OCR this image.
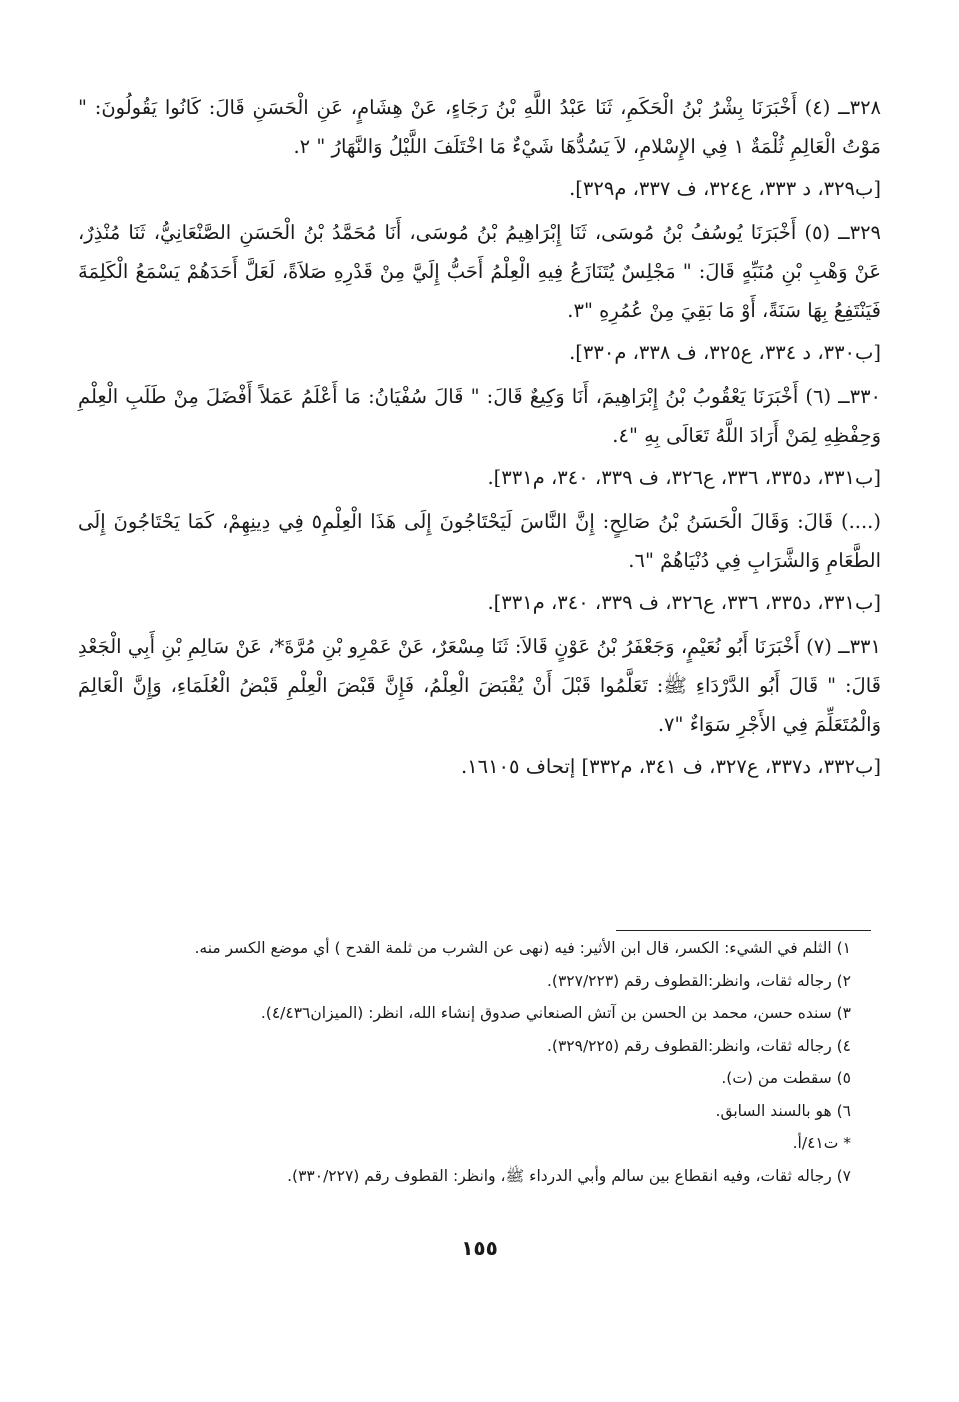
٣٢٨ــ (٤) أَخْبَرَنَا بِشْرُ بْنُ الْحَكَمِ، ثَنَا عَبْدُ اللَّهِ بْنُ رَجَاءٍ، عَنْ هِشَامٍ، عَنِ الْحَسَنِ قَالَ: كَانُوا يَقُولُونَ: " مَوْتُ الْعَالِمِ ثُلْمَةٌ ١ فِي الإِسْلامِ، لاَ يَسُدُّهَا شَيْءٌ مَا اخْتَلَفَ اللَّيْلُ وَالنَّهَارُ " ٢.

[ب٣٢٩، د ٣٣٣، ع٣٢٤، ف ٣٣٧، م٣٢٩].

٣٢٩ــ (٥) أَخْبَرَنَا يُوسُفُ بْنُ مُوسَى، ثَنَا إِبْرَاهِيمُ بْنُ مُوسَى، أَنَا مُحَمَّدُ بْنُ الْحَسَنِ الصَّنْعَانِيُّ، ثَنَا مُنْذِرٌ، عَنْ وَهْبِ بْنِ مُنَبِّهٍ قَالَ: " مَجْلِسٌ يُتَنَازَعُ فِيهِ الْعِلْمُ أَحَبُّ إِلَيَّ مِنْ قَدْرِهِ صَلاَةً، لَعَلَّ أَحَدَهُمْ يَسْمَعُ الْكَلِمَةَ فَيَنْتَفِعُ بِهَا سَنَةً، أَوْ مَا بَقِيَ مِنْ عُمُرِهِ "٣.

[ب٣٣٠، د ٣٣٤، ع٣٢٥، ف ٣٣٨، م٣٣٠].

٣٣٠ــ (٦) أَخْبَرَنَا يَعْقُوبُ بْنُ إِبْرَاهِيمَ، أَنَا وَكِيعٌ قَالَ: " قَالَ سُفْيَانُ: مَا أَعْلَمُ عَمَلاً أَفْضَلَ مِنْ طَلَبِ الْعِلْمِ وَحِفْظِهِ لِمَنْ أَرَادَ اللَّهُ تَعَالَى بِهِ "٤.

[ب٣٣١، د٣٣٥، ٣٣٦، ع٣٢٦، ف ٣٣٩، ٣٤٠، م٣٣١].

(....) قَالَ: وَقَالَ الْحَسَنُ بْنُ صَالِحٍ: إِنَّ النَّاسَ لَيَحْتَاجُونَ إِلَى هَذَا الْعِلْمِ٥ فِي دِينِهِمْ، كَمَا يَحْتَاجُونَ إِلَى الطَّعَامِ وَالشَّرَابِ فِي دُنْيَاهُمْ "٦.

[ب٣٣١، د٣٣٥، ٣٣٦، ع٣٢٦، ف ٣٣٩، ٣٤٠، م٣٣١].

٣٣١ــ (٧) أَخْبَرَنَا أَبُو نُعَيْمٍ، وَجَعْفَرُ بْنُ عَوْنٍ قَالاَ: ثَنَا مِسْعَرٌ، عَنْ عَمْرِو بْنِ مُرَّةَ*، عَنْ سَالِمِ بْنِ أَبِي الْجَعْدِ قَالَ: " قَالَ أَبُو الدَّرْدَاءِ ﷺ: تَعَلَّمُوا قَبْلَ أَنْ يُقْبَضَ الْعِلْمُ، فَإِنَّ قَبْضَ الْعِلْمِ قَبْضُ الْعُلَمَاءِ، وَإِنَّ الْعَالِمَ وَالْمُتَعَلِّمَ فِي الأَجْرِ سَوَاءٌ "٧.

[ب٣٣٢، د٣٣٧، ع٣٢٧، ف ٣٤١، م٣٣٢] إتحاف ١٦١٠٥.

١) الثلم في الشيء: الكسر، قال ابن الأثير: فيه (نهى عن الشرب من ثلمة القدح ) أي موضع الكسر منه.

٢) رجاله ثقات، وانظر:القطوف رقم (٣٢٧/٢٢٣).

٣) سنده حسن، محمد بن الحسن بن آتش الصنعاني صدوق إنشاء الله، انظر: (الميزان٤/٤٣٦).

٤) رجاله ثقات، وانظر:القطوف رقم (٣٢٩/٢٢٥).

٥) سقطت من (ت).

٦) هو بالسند السابق.

* ت٤١/أ.

٧) رجاله ثقات، وفيه انقطاع بين سالم وأبي الدرداء ﷺ، وانظر: القطوف رقم (٣٣٠/٢٢٧).

١٥٥
